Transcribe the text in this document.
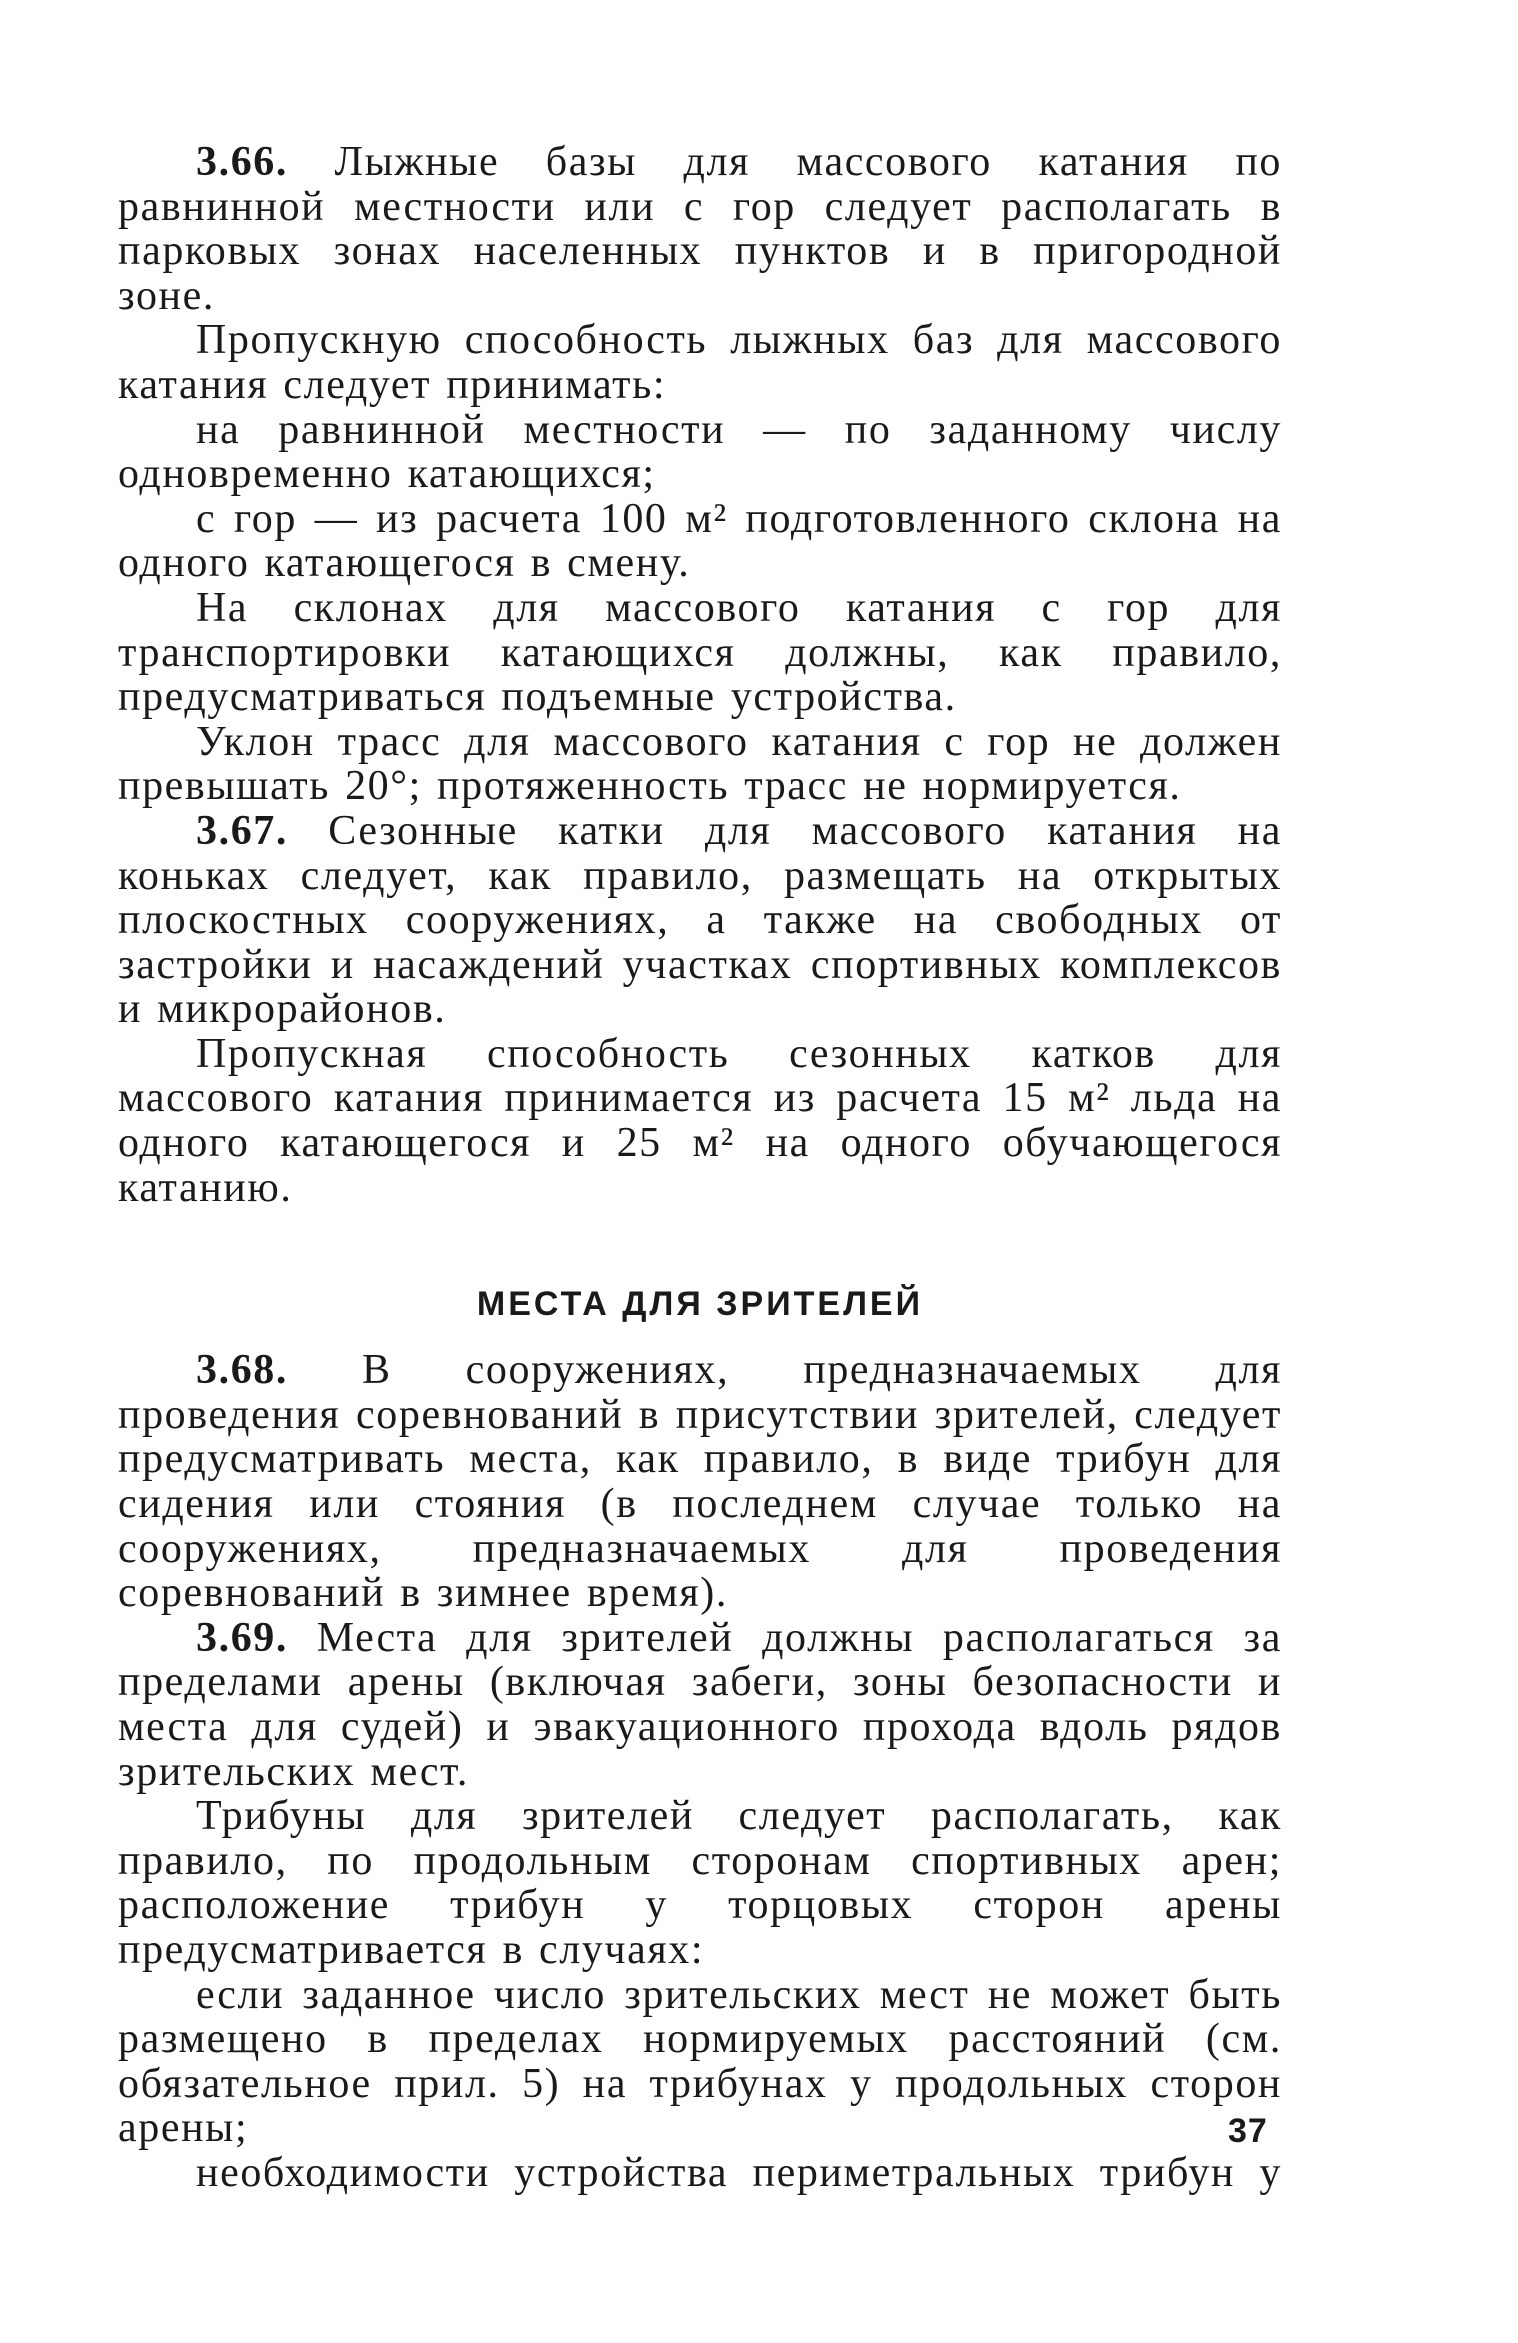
3.66. Лыжные базы для массового катания по равнинной местности или с гор следует располагать в парковых зонах населенных пунктов и в пригородной зоне.

Пропускную способность лыжных баз для массового катания следует принимать:

на равнинной местности — по заданному числу одновременно катающихся;

с гор — из расчета 100 м² подготовленного склона на одного катающегося в смену.

На склонах для массового катания с гор для транспортировки катающихся должны, как правило, предусматриваться подъемные устройства.

Уклон трасс для массового катания с гор не должен превышать 20°; протяженность трасс не нормируется.

3.67. Сезонные катки для массового катания на коньках следует, как правило, размещать на открытых плоскостных сооружениях, а также на свободных от застройки и насаждений участках спортивных комплексов и микрорайонов.

Пропускная способность сезонных катков для массового катания принимается из расчета 15 м² льда на одного катающегося и 25 м² на одного обучающегося катанию.

МЕСТА ДЛЯ ЗРИТЕЛЕЙ

3.68. В сооружениях, предназначаемых для проведения соревнований в присутствии зрителей, следует предусматривать места, как правило, в виде трибун для сидения или стояния (в последнем случае только на сооружениях, предназначаемых для проведения соревнований в зимнее время).

3.69. Места для зрителей должны располагаться за пределами арены (включая забеги, зоны безопасности и места для судей) и эвакуационного прохода вдоль рядов зрительских мест.

Трибуны для зрителей следует располагать, как правило, по продольным сторонам спортивных арен; расположение трибун у торцовых сторон арены предусматривается в случаях:

если заданное число зрительских мест не может быть размещено в пределах нормируемых расстояний (см. обязательное прил. 5) на трибунах у продольных сторон арены;

необходимости устройства периметральных трибун у

37
